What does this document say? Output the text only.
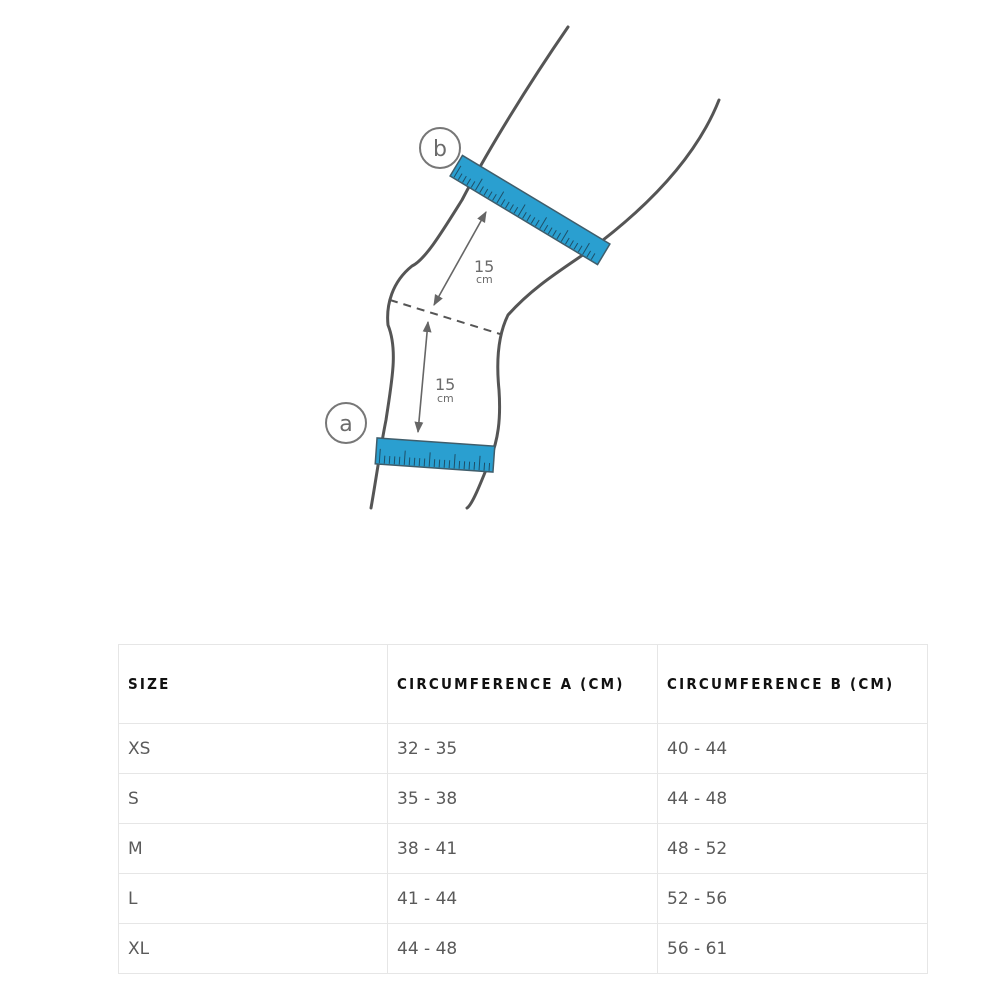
15
cm
15
cm
b
a
SIZE	CIRCUMFERENCE A (CM)	CIRCUMFERENCE B (CM)
XS	32 - 35	40 - 44
S	35 - 38	44 - 48
M	38 - 41	48 - 52
L	41 - 44	52 - 56
XL	44 - 48	56 - 61
